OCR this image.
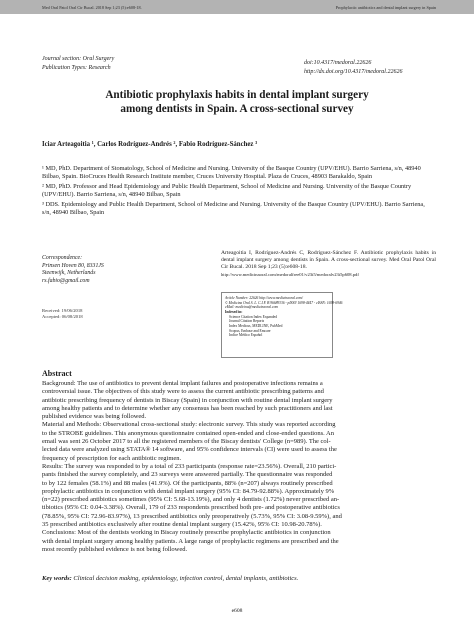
Med Oral Patol Oral Cir Bucal. 2018 Sep 1;23 (5):e608-18.	Prophylactic antibiotics and dental implant surgery in Spain
Journal section: Oral Surgery
Publication Types: Research
doi:10.4317/medoral.22626
http://dx.doi.org/10.4317/medoral.22626
Antibiotic prophylaxis habits in dental implant surgery
among dentists in Spain. A cross-sectional survey
Iciar Arteagoitia ¹, Carlos Rodríguez-Andrés ², Fabio Rodríguez-Sánchez ³

¹ MD, PhD. Department of Stomatology, School of Medicine and Nursing. University of the Basque Country (UPV/EHU). Barrio Sarriena, s/n, 48940 Bilbao, Spain. BioCruces Health Research Institute member, Cruces University Hospital. Plaza de Cruces, 48903 Barakaldo, Spain

² MD, PhD. Professor and Head Epidemiology and Public Health Department, School of Medicine and Nursing. University of the Basque Country (UPV/EHU). Barrio Sarriena, s/n, 48940 Bilbao, Spain

³ DDS. Epidemiology and Public Health Department, School of Medicine and Nursing. University of the Basque Country (UPV/EHU). Barrio Sarriena, s/n, 48940 Bilbao, Spain

Correspondence:
Prinsen Hoven 80, 8331JS
Steenwijk, Netherlands
rs.fabio@gmail.com
Received: 19/06/2018
Accepted: 06/08/2018
Arteagoitia I, Rodríguez-Andrés C, Rodríguez-Sánchez F. Antibiotic prophylaxis habits in dental implant surgery among dentists in Spain. A cross-sectional survey. Med Oral Patol Oral Cir Bucal. 2018 Sep 1;23 (5):e608-18.
http://www.medicinaoral.com/medoralfree01/v23i5/medoralv23i5p608.pdf
Article Number: 22626 http://www.medicinaoral.com/
© Medicina Oral S. L. C.I.F. B 96689336 - pISSN 1698-4447 - eISSN: 1698-6946
eMail: medicina@medicinaoral.com
Indexed in:
Science Citation Index Expanded
Journal Citation Reports
Index Medicus, MEDLINE, PubMed
Scopus, Embase and Emcare
Indice Médico Español
Abstract
Background: The use of antibiotics to prevent dental implant failures and postoperative infections remains a
controversial issue. The objectives of this study were to assess the current antibiotic prescribing patterns and
antibiotic prescribing frequency of dentists in Biscay (Spain) in conjunction with routine dental implant surgery
among healthy patients and to determine whether any consensus has been reached by such practitioners and last
published evidence was being followed.
Material and Methods: Observational cross-sectional study: electronic survey. This study was reported according
to the STROBE guidelines. This anonymous questionnaire contained open-ended and close-ended questions. An
email was sent 26 October 2017 to all the registered members of the Biscay dentists' College (n=989). The col-
lected data were analyzed using STATA® 14 software, and 95% confidence intervals (CI) were used to assess the
frequency of prescription for each antibiotic regimen.
Results: The survey was responded to by a total of 233 participants (response rate=23.56%). Overall, 210 partici-
pants finished the survey completely, and 23 surveys were answered partially. The questionnaire was responded
to by 122 females (58.1%) and 88 males (41.9%). Of the participants, 88% (n=207) always routinely prescribed
prophylactic antibiotics in conjunction with dental implant surgery (95% CI: 84.79-92.88%). Approximately 9%
(n=22) prescribed antibiotics sometimes (95% CI: 5.68-13.19%), and only 4 dentists (1.72%) never prescribed an-
tibiotics (95% CI: 0.04-3.38%). Overall, 179 of 233 respondents prescribed both pre- and postoperative antibiotics
(78.85%, 95% CI: 72.96-83.97%), 13 prescribed antibiotics only preoperatively (5.73%, 95% CI: 3.08-9.59%), and
35 prescribed antibiotics exclusively after routine dental implant surgery (15.42%, 95% CI: 10.98-20.78%).
Conclusions: Most of the dentists working in Biscay routinely prescribe prophylactic antibiotics in conjunction
with dental implant surgery among healthy patients. A large range of prophylactic regimens are prescribed and the
most recently published evidence is not being followed.
Key words: Clinical decision making, epidemiology, infection control, dental implants, antibiotics.
e608
